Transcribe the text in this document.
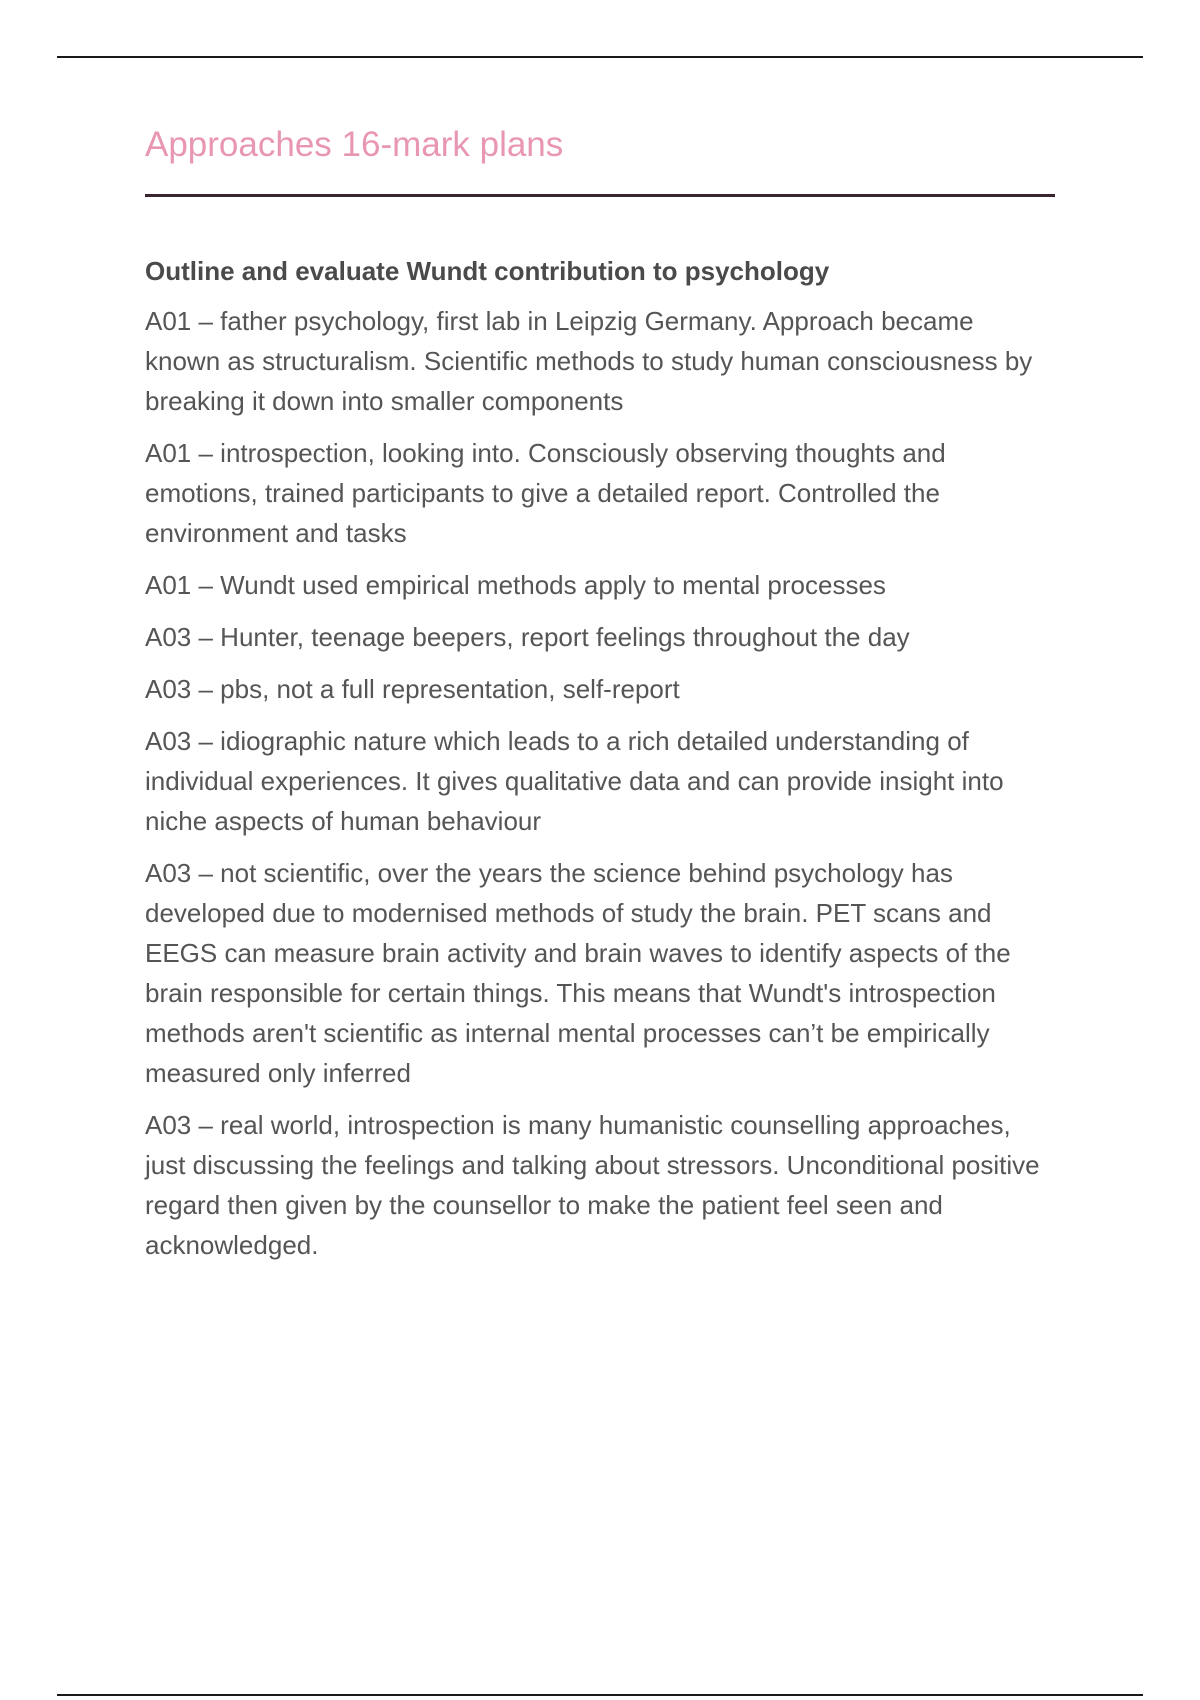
Approaches 16-mark plans

Outline and evaluate Wundt contribution to psychology

A01 – father psychology, first lab in Leipzig Germany. Approach became known as structuralism. Scientific methods to study human consciousness by breaking it down into smaller components
A01 – introspection, looking into. Consciously observing thoughts and emotions, trained participants to give a detailed report. Controlled the environment and tasks
A01 – Wundt used empirical methods apply to mental processes
A03 – Hunter, teenage beepers, report feelings throughout the day
A03 – pbs, not a full representation, self-report
A03 – idiographic nature which leads to a rich detailed understanding of individual experiences. It gives qualitative data and can provide insight into niche aspects of human behaviour
A03 – not scientific, over the years the science behind psychology has developed due to modernised methods of study the brain. PET scans and EEGS can measure brain activity and brain waves to identify aspects of the brain responsible for certain things. This means that Wundt's introspection methods aren't scientific as internal mental processes can’t be empirically measured only inferred
A03 – real world, introspection is many humanistic counselling approaches, just discussing the feelings and talking about stressors. Unconditional positive regard then given by the counsellor to make the patient feel seen and acknowledged.
